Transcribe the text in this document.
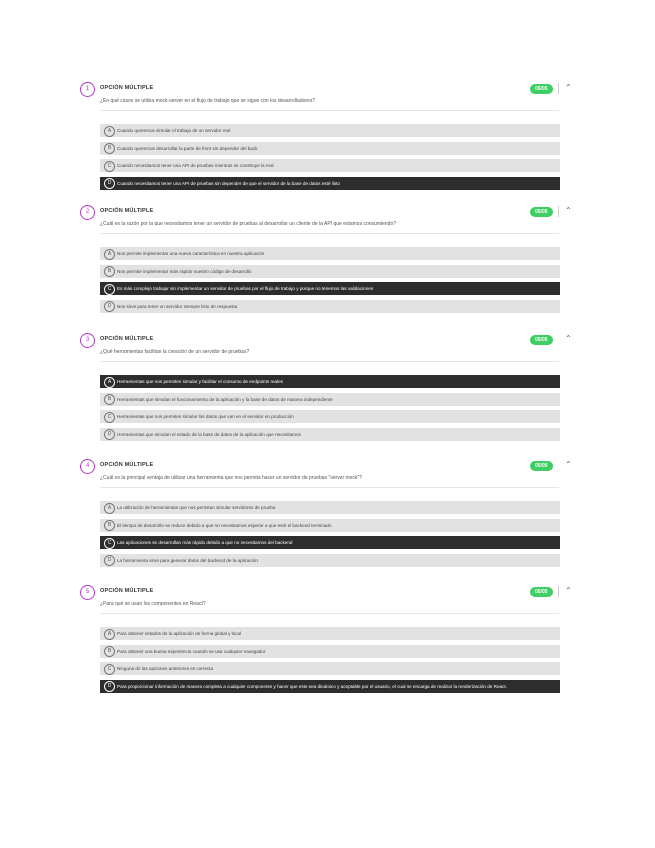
1	OPCIÓN MÚLTIPLE	05/05	⌃
¿En qué casos se utiliza mock-server en el flujo de trabajo que se sigue con los desarrolladores?
A	Cuando queremos simular el trabajo de un servidor real
B	Cuando queremos desarrollar la parte de front sin depender del back
C	Cuando necesitamos tener una API de pruebas mientras se construye la real
D	Cuando necesitamos tener una API de pruebas sin depender de que el servidor de la base de datos esté listo
2	OPCIÓN MÚLTIPLE	05/05	⌃
¿Cuál es la razón por la que necesitamos tener un servidor de pruebas al desarrollar un cliente de la API que estamos consumiendo?
A	Nos permite implementar una nueva característica en nuestra aplicación
B	Nos permite implementar más rápido nuestro código de desarrollo
C	Es más complejo trabajar sin implementar un servidor de pruebas por el flujo de trabajo y porque no tenemos las validaciones
D	Nos sirve para tener un servidor siempre listo de respuesta
3	OPCIÓN MÚLTIPLE	05/05	⌃
¿Qué herramientas facilitan la creación de un servidor de pruebas?
A	Herramientas que nos permiten simular y facilitar el consumo de endpoints reales
B	Herramientas que simulan el funcionamiento de la aplicación y la base de datos de manera independiente
C	Herramientas que nos permiten simular los datos que van en el servidor en producción
D	Herramientas que simulan el estado de la base de datos de la aplicación que necesitamos
4	OPCIÓN MÚLTIPLE	05/05	⌃
¿Cuál es la principal ventaja de utilizar una herramienta que nos permita hacer un servidor de pruebas "server mock"?
A	La utilización de herramientas que nos permitan simular servidores de prueba
B	El tiempo de desarrollo se reduce debido a que no necesitamos esperar a que esté el backend terminado
C	Las aplicaciones se desarrollan más rápido debido a que no necesitamos del backend
D	La herramienta sirve para generar datos del backend de la aplicación
5	OPCIÓN MÚLTIPLE	05/05	⌃
¿Para qué se usan los componentes en React?
A	Para obtener estados de la aplicación de forma global y local
B	Para obtener una buena experiencia cuando se usa cualquier navegador
C	Ninguna de las opciones anteriores es correcta
D	Para proporcionar información de manera completa a cualquier componente y hacer que este sea dinámico y aceptable por el usuario, el cual se encarga de realizar la renderización de React.
